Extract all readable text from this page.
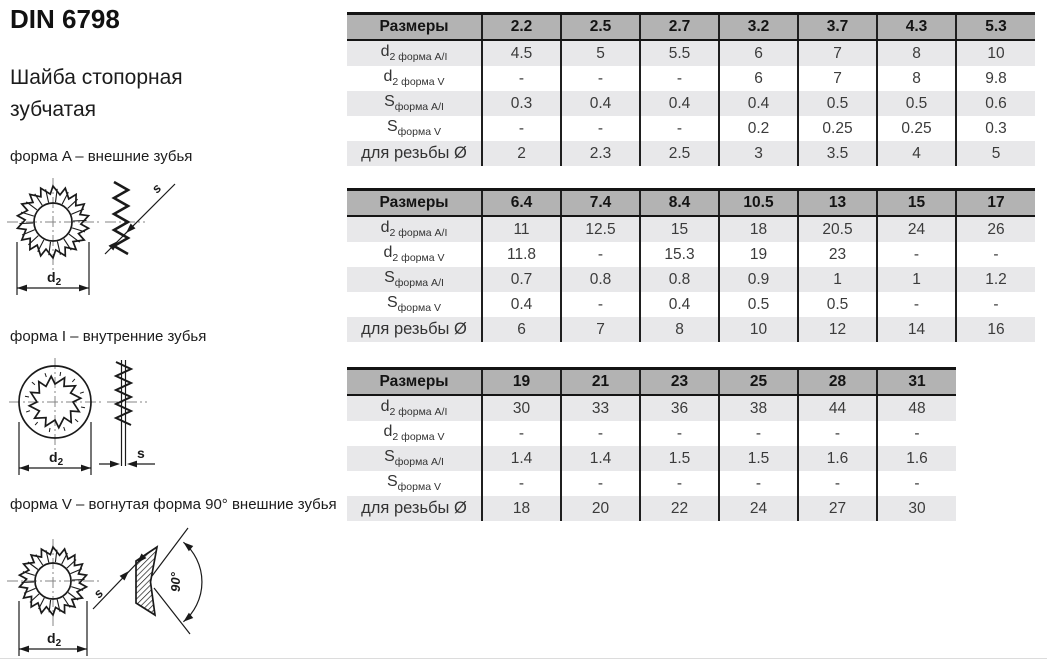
DIN 6798
Шайба стопорная зубчатая
форма A – внешние зубья
$d_2$
s
форма I – внутренние зубья
$d_2$
s
форма V – вогнутая форма 90° внешние зубья
$d_2$
90°
s
Размеры	2.2	2.5	2.7	3.2	3.7	4.3	5.3
$d_{2 форма A/I}$	4.5	5	5.5	6	7	8	10
$d_{2 форма V}$	-	-	-	6	7	8	9.8
$S_{форма A/I}$	0.3	0.4	0.4	0.4	0.5	0.5	0.6
$S_{форма V}$	-	-	-	0.2	0.25	0.25	0.3
для резьбы Ø	2	2.3	2.5	3	3.5	4	5
Размеры	6.4	7.4	8.4	10.5	13	15	17
$d_{2 форма A/I}$	11	12.5	15	18	20.5	24	26
$d_{2 форма V}$	11.8	-	15.3	19	23	-	-
$S_{форма A/I}$	0.7	0.8	0.8	0.9	1	1	1.2
$S_{форма V}$	0.4	-	0.4	0.5	0.5	-	-
для резьбы Ø	6	7	8	10	12	14	16
Размеры	19	21	23	25	28	31
$d_{2 форма A/I}$	30	33	36	38	44	48
$d_{2 форма V}$	-	-	-	-	-	-
$S_{форма A/I}$	1.4	1.4	1.5	1.5	1.6	1.6
$S_{форма V}$	-	-	-	-	-	-
для резьбы Ø	18	20	22	24	27	30
